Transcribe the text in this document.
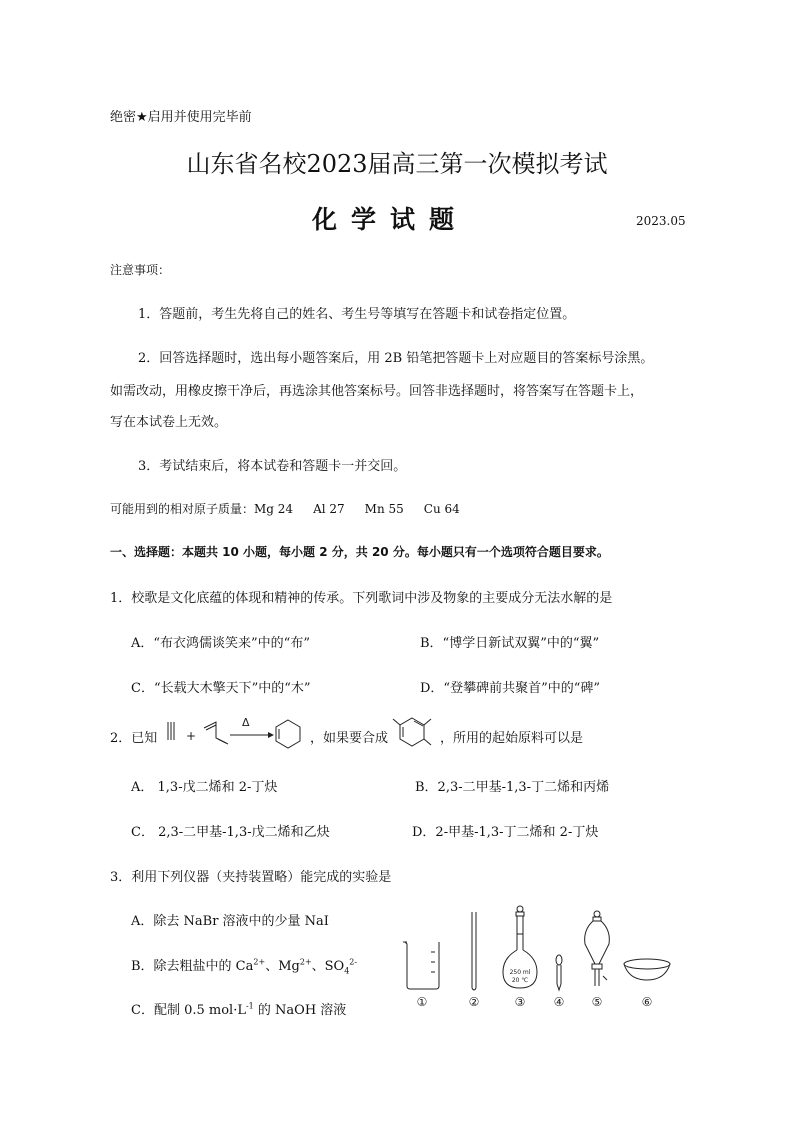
绝密★启用并使用完毕前
山东省名校2023届高三第一次模拟考试
化学试题	2023.05
注意事项：
1．答题前，考生先将自己的姓名、考生号等填写在答题卡和试卷指定位置。
2．回答选择题时，选出每小题答案后，用 2B 铅笔把答题卡上对应题目的答案标号涂黑。
如需改动，用橡皮擦干净后，再选涂其他答案标号。回答非选择题时，将答案写在答题卡上，
写在本试卷上无效。
3．考试结束后，将本试卷和答题卡一并交回。
可能用到的相对原子质量：Mg 24 Al 27 Mn 55 Cu 64
一、选择题：本题共 10 小题，每小题 2 分，共 20 分。每小题只有一个选项符合题目要求。
1．校歌是文化底蕴的体现和精神的传承。下列歌词中涉及物象的主要成分无法水解的是
A．“布衣鸿儒谈笑来”中的“布”	B．“博学日新试双翼”中的“翼”
C．“长载大木擎天下”中的“木”	D．“登攀碑前共聚首”中的“碑”
2．已知 +
Δ
，如果要合成	，所用的起始原料可以是
A． 1,3-戊二烯和 2-丁炔	B．2,3-二甲基-1,3-丁二烯和丙烯
C． 2,3-二甲基-1,3-戊二烯和乙炔	D．2-甲基-1,3-丁二烯和 2-丁炔
3．利用下列仪器（夹持装置略）能完成的实验是
A．除去 NaBr 溶液中的少量 NaI
B．除去粗盐中的 $Ca^{2+}$、$Mg^{2+}$、$SO_4^{2-}$
C．配制 0.5 $mol\cdot L^{-1}$ 的 NaOH 溶液
①	②
250 ml
20 ℃
③ ④ ⑤	⑥
